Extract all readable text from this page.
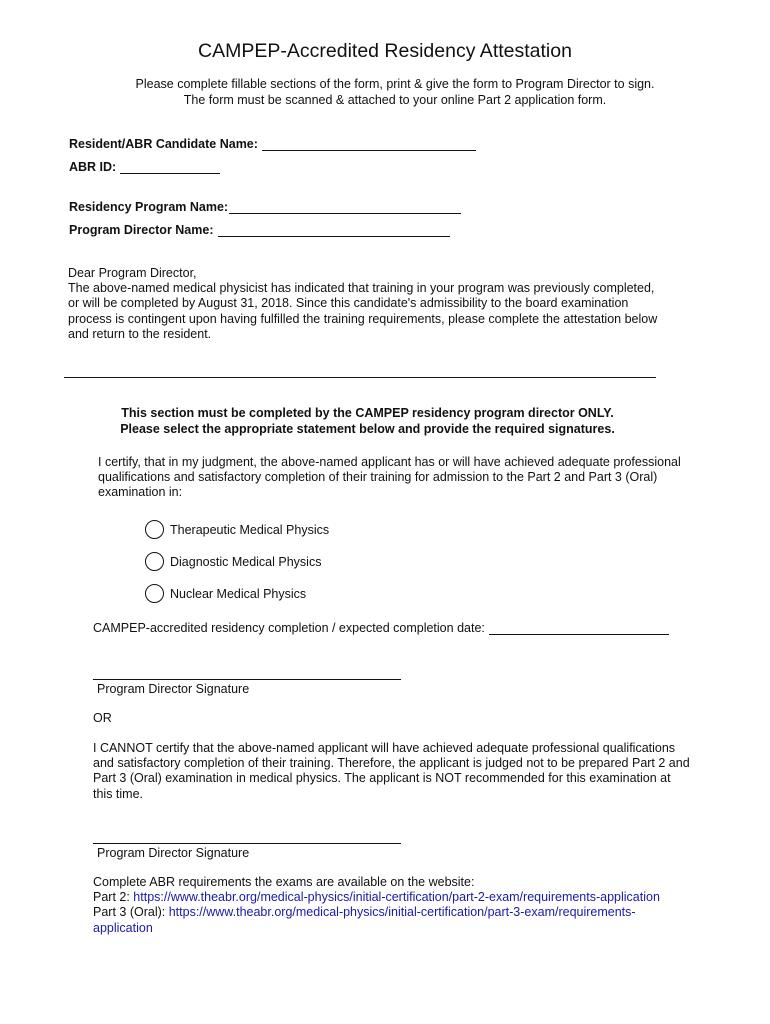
CAMPEP-Accredited Residency Attestation
Please complete fillable sections of the form, print & give the form to Program Director to sign.
The form must be scanned & attached to your online Part 2 application form.
Resident/ABR Candidate Name:
ABR ID:
Residency Program Name:
Program Director Name:
Dear Program Director,
The above-named medical physicist has indicated that training in your program was previously completed, or will be completed by August 31, 2018. Since this candidate's admissibility to the board examination process is contingent upon having fulfilled the training requirements, please complete the attestation below and return to the resident.
This section must be completed by the CAMPEP residency program director ONLY.
Please select the appropriate statement below and provide the required signatures.
I certify, that in my judgment, the above-named applicant has or will have achieved adequate professional qualifications and satisfactory completion of their training for admission to the Part 2 and Part 3 (Oral) examination in:
Therapeutic Medical Physics
Diagnostic Medical Physics
Nuclear Medical Physics
CAMPEP-accredited residency completion / expected completion date:
Program Director Signature
OR
I CANNOT certify that the above-named applicant will have achieved adequate professional qualifications and satisfactory completion of their training. Therefore, the applicant is judged not to be prepared Part 2 and Part 3 (Oral) examination in medical physics. The applicant is NOT recommended for this examination at this time.
Program Director Signature
Complete ABR requirements the exams are available on the website:
Part 2: https://www.theabr.org/medical-physics/initial-certification/part-2-exam/requirements-application
Part 3 (Oral): https://www.theabr.org/medical-physics/initial-certification/part-3-exam/requirements-
application
